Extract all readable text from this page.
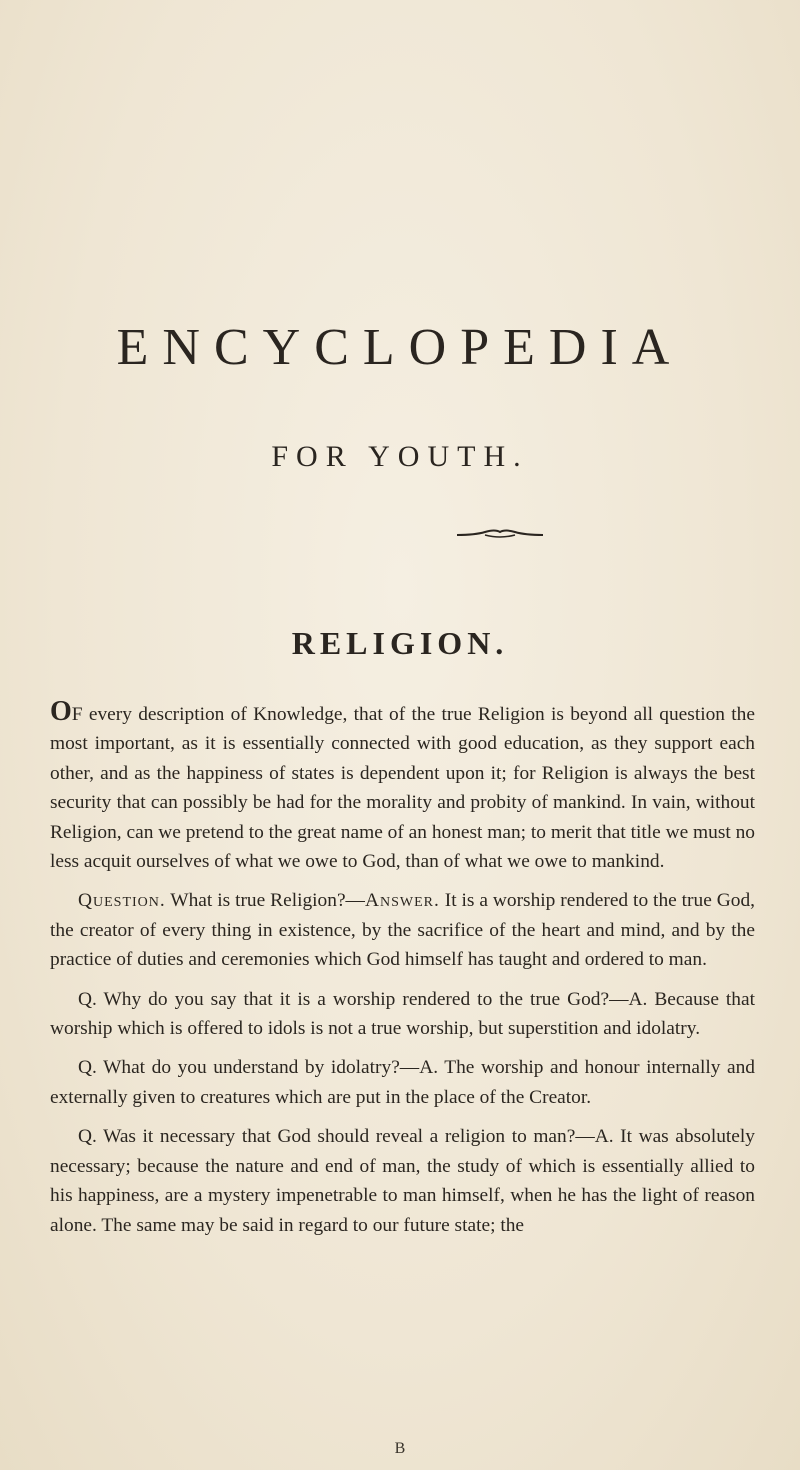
ENCYCLOPEDIA
FOR YOUTH.
RELIGION.

OF every description of Knowledge, that of the true Religion is beyond all question the most important, as it is essentially connected with good education, as they support each other, and as the happiness of states is dependent upon it; for Religion is always the best security that can possibly be had for the morality and probity of mankind. In vain, without Religion, can we pretend to the great name of an honest man; to merit that title we must no less acquit ourselves of what we owe to God, than of what we owe to mankind.

Question. What is true Religion?—Answer. It is a worship rendered to the true God, the creator of every thing in existence, by the sacrifice of the heart and mind, and by the practice of duties and ceremonies which God himself has taught and ordered to man.

Q. Why do you say that it is a worship rendered to the true God?—A. Because that worship which is offered to idols is not a true worship, but superstition and idolatry.

Q. What do you understand by idolatry?—A. The worship and honour internally and externally given to creatures which are put in the place of the Creator.

Q. Was it necessary that God should reveal a religion to man?—A. It was absolutely necessary; because the nature and end of man, the study of which is essentially allied to his happiness, are a mystery impenetrable to man himself, when he has the light of reason alone. The same may be said in regard to our future state; the

B
